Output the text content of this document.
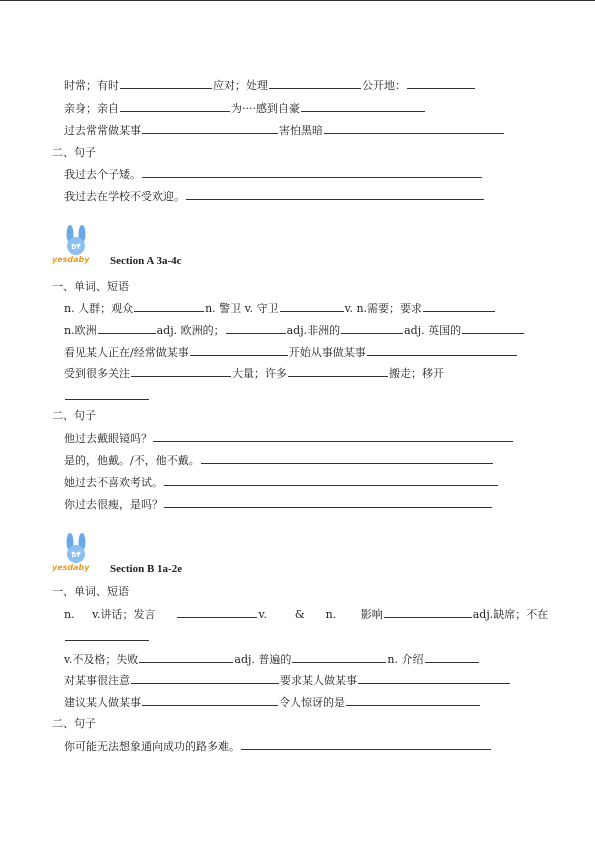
时常；有时	应对；处理	公开地：
亲身；亲自	为····感到自豪
过去常常做某事	害怕黑暗
二、句子
我过去个子矮。
我过去在学校不受欢迎。
DY
yesdaby Section A 3a-4c
一、单词、短语
n. 人群；观众	n. 警卫 v. 守卫	v. n.需要；要求
n.欧洲	adj. 欧洲的；	adj.非洲的	adj. 英国的
看见某人正在/经常做某事	开始从事做某事
受到很多关注	大量；许多	搬走；移开
二、句子
他过去戴眼镜吗？
是的，他戴。/不，他不戴。
她过去不喜欢考试。
你过去很瘦，是吗？
DY
yesdaby Section B 1a-2e
一、单词、短语
n. v.讲话；发言	v.	& n. 影响	adj.缺席；不在
v.不及格；失败	adj. 普遍的	n. 介绍
对某事很注意	要求某人做某事
建议某人做某事	令人惊讶的是
二、句子
你可能无法想象通向成功的路多难。
